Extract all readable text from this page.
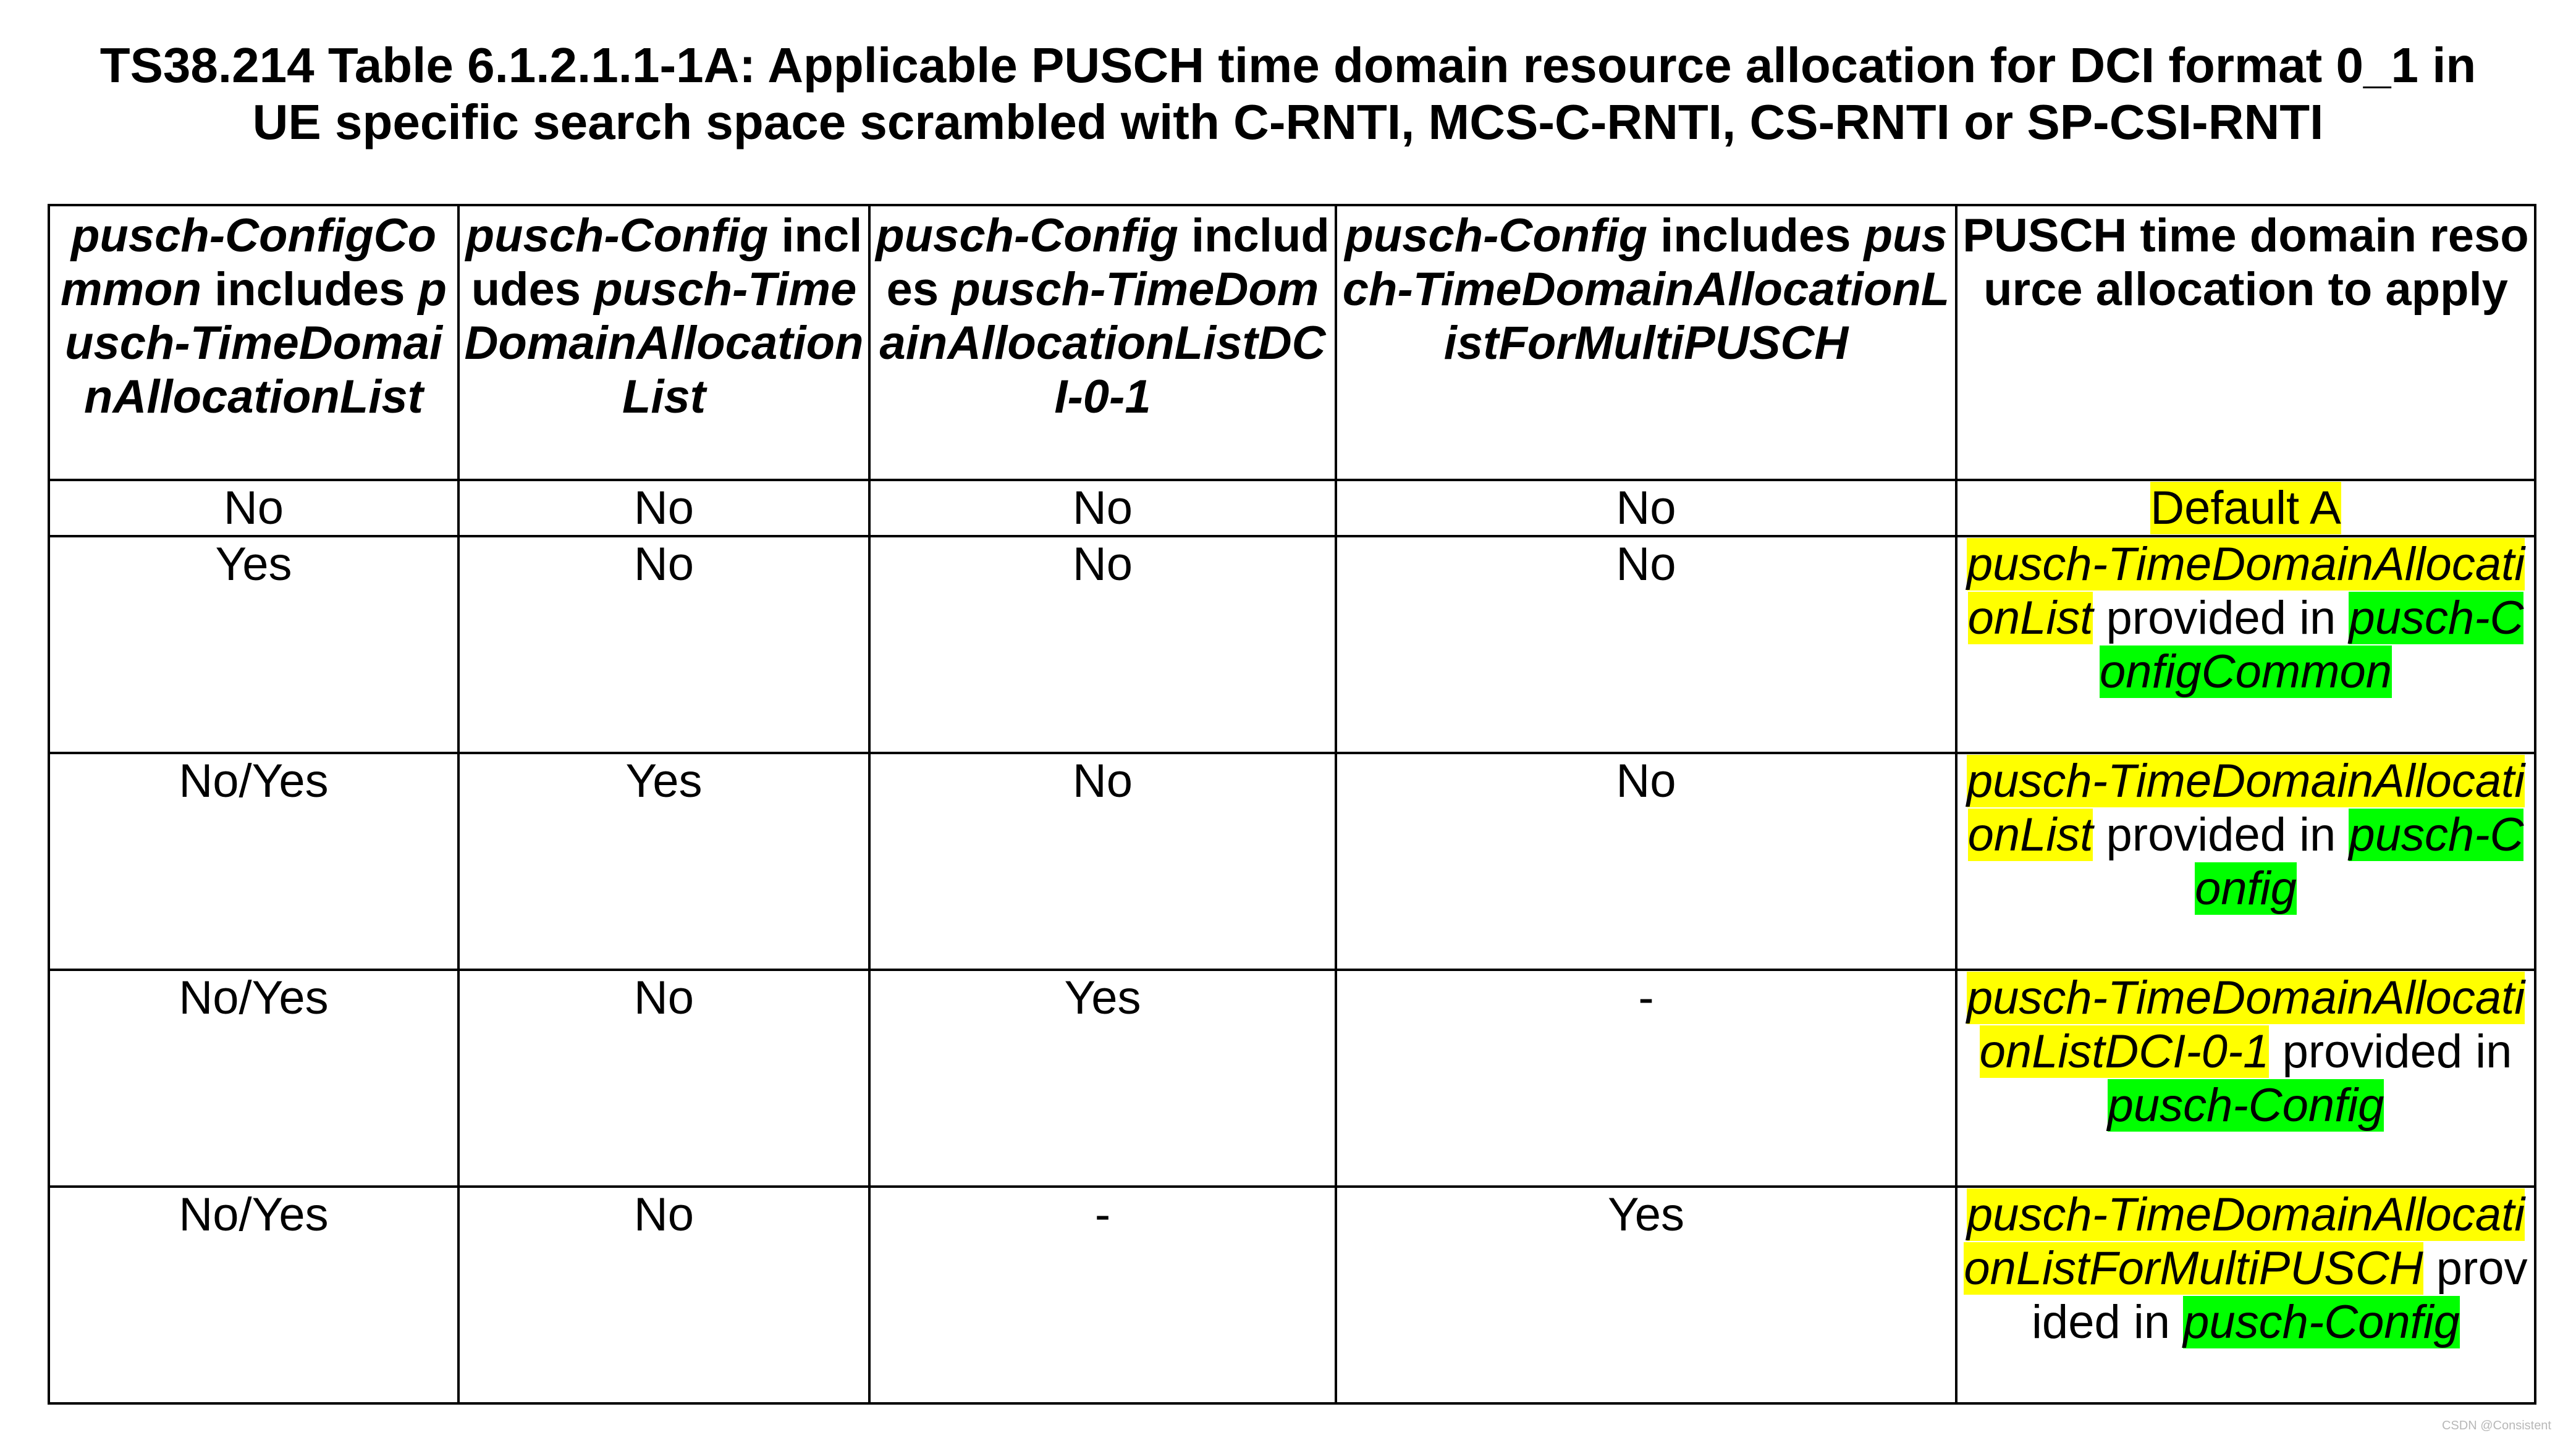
TS38.214 Table 6.1.2.1.1-1A: Applicable PUSCH time domain resource allocation for DCI format 0_1 in
UE specific search space scrambled with C-RNTI, MCS-C-RNTI, CS-RNTI or SP-CSI-RNTI
pusch-ConfigCommon includes pusch-TimeDomainAllocationList	pusch-Config includes pusch-TimeDomainAllocationList	pusch-Config includes pusch-TimeDomainAllocationListDCI-0-1	pusch-Config includes pusch-TimeDomainAllocationListForMultiPUSCH	PUSCH time domain resource allocation to apply
No	No	No	No	Default A
Yes	No	No	No	pusch-TimeDomainAllocationList provided in pusch-ConfigCommon
No/Yes	Yes	No	No	pusch-TimeDomainAllocationList provided in pusch-Config
No/Yes	No	Yes	-	pusch-TimeDomainAllocationListDCI-0-1 provided in pusch-Config
No/Yes	No	-	Yes	pusch-TimeDomainAllocationListForMultiPUSCH provided in pusch-Config
CSDN @Consistent
